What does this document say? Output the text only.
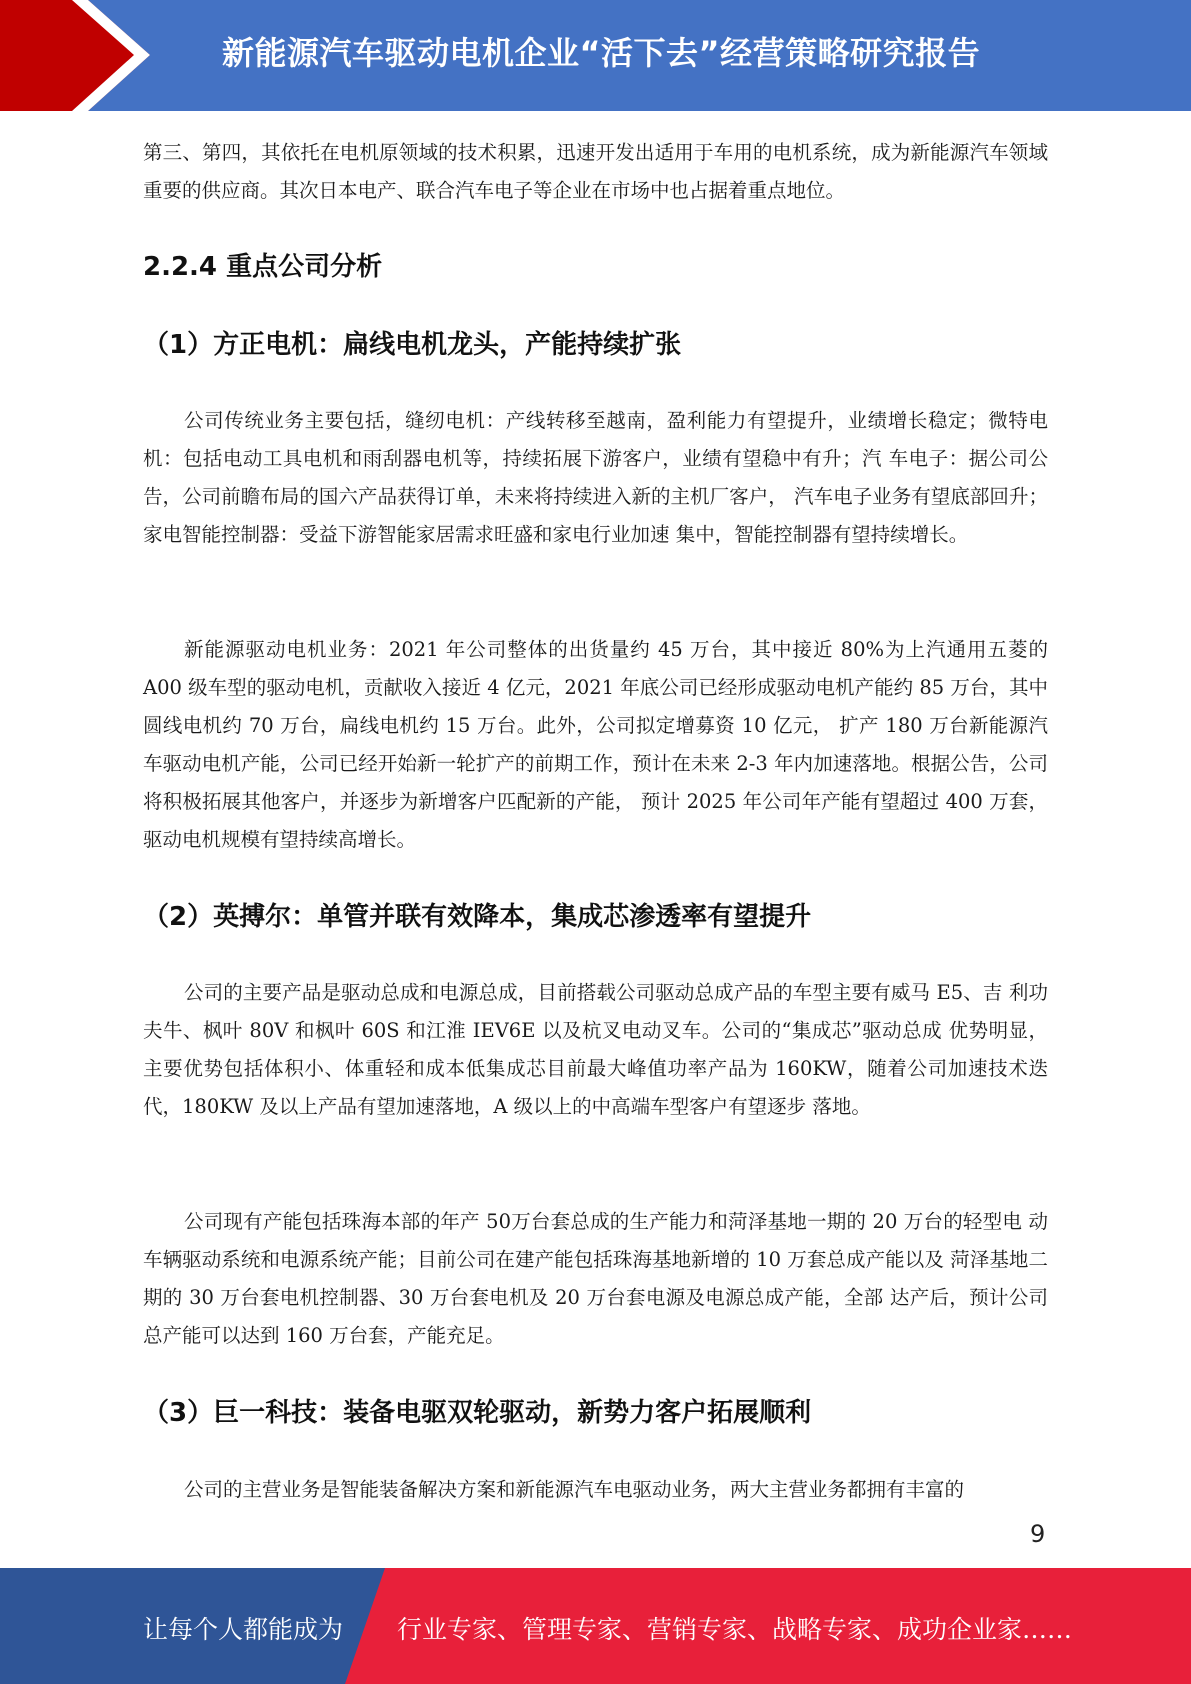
新能源汽车驱动电机企业“活下去”经营策略研究报告

第三、第四，其依托在电机原领域的技术积累，迅速开发出适用于车用的电机系统，成为新能源汽车领域重要的供应商。其次日本电产、联合汽车电子等企业在市场中也占据着重点地位。

2.2.4 重点公司分析
（1）方正电机：扁线电机龙头，产能持续扩张

公司传统业务主要包括，缝纫电机：产线转移至越南，盈利能力有望提升，业绩增长稳定；微特电机：包括电动工具电机和雨刮器电机等，持续拓展下游客户，业绩有望稳中有升；汽 车电子：据公司公告，公司前瞻布局的国六产品获得订单，未来将持续进入新的主机厂客户， 汽车电子业务有望底部回升；家电智能控制器：受益下游智能家居需求旺盛和家电行业加速 集中，智能控制器有望持续增长。

新能源驱动电机业务：2021 年公司整体的出货量约 45 万台，其中接近 80%为上汽通用五菱的 A00 级车型的驱动电机，贡献收入接近 4 亿元，2021 年底公司已经形成驱动电机产能约 85 万台，其中圆线电机约 70 万台，扁线电机约 15 万台。此外，公司拟定增募资 10 亿元， 扩产 180 万台新能源汽车驱动电机产能，公司已经开始新一轮扩产的前期工作，预计在未来 2-3 年内加速落地。根据公告，公司将积极拓展其他客户，并逐步为新增客户匹配新的产能， 预计 2025 年公司年产能有望超过 400 万套，驱动电机规模有望持续高增长。

（2）英搏尔：单管并联有效降本，集成芯渗透率有望提升

公司的主要产品是驱动总成和电源总成，目前搭载公司驱动总成产品的车型主要有威马 E5、吉 利功夫牛、枫叶 80V 和枫叶 60S 和江淮 IEV6E 以及杭叉电动叉车。公司的“集成芯”驱动总成 优势明显，主要优势包括体积小、体重轻和成本低集成芯目前最大峰值功率产品为 160KW，随着公司加速技术迭代，180KW 及以上产品有望加速落地，A 级以上的中高端车型客户有望逐步 落地。

公司现有产能包括珠海本部的年产 50万台套总成的生产能力和菏泽基地一期的 20 万台的轻型电 动车辆驱动系统和电源系统产能；目前公司在建产能包括珠海基地新增的 10 万套总成产能以及 菏泽基地二期的 30 万台套电机控制器、30 万台套电机及 20 万台套电源及电源总成产能，全部 达产后，预计公司总产能可以达到 160 万台套，产能充足。

（3）巨一科技：装备电驱双轮驱动，新势力客户拓展顺利

公司的主营业务是智能装备解决方案和新能源汽车电驱动业务，两大主营业务都拥有丰富的

9
让每个人都能成为 行业专家、管理专家、营销专家、战略专家、成功企业家……
